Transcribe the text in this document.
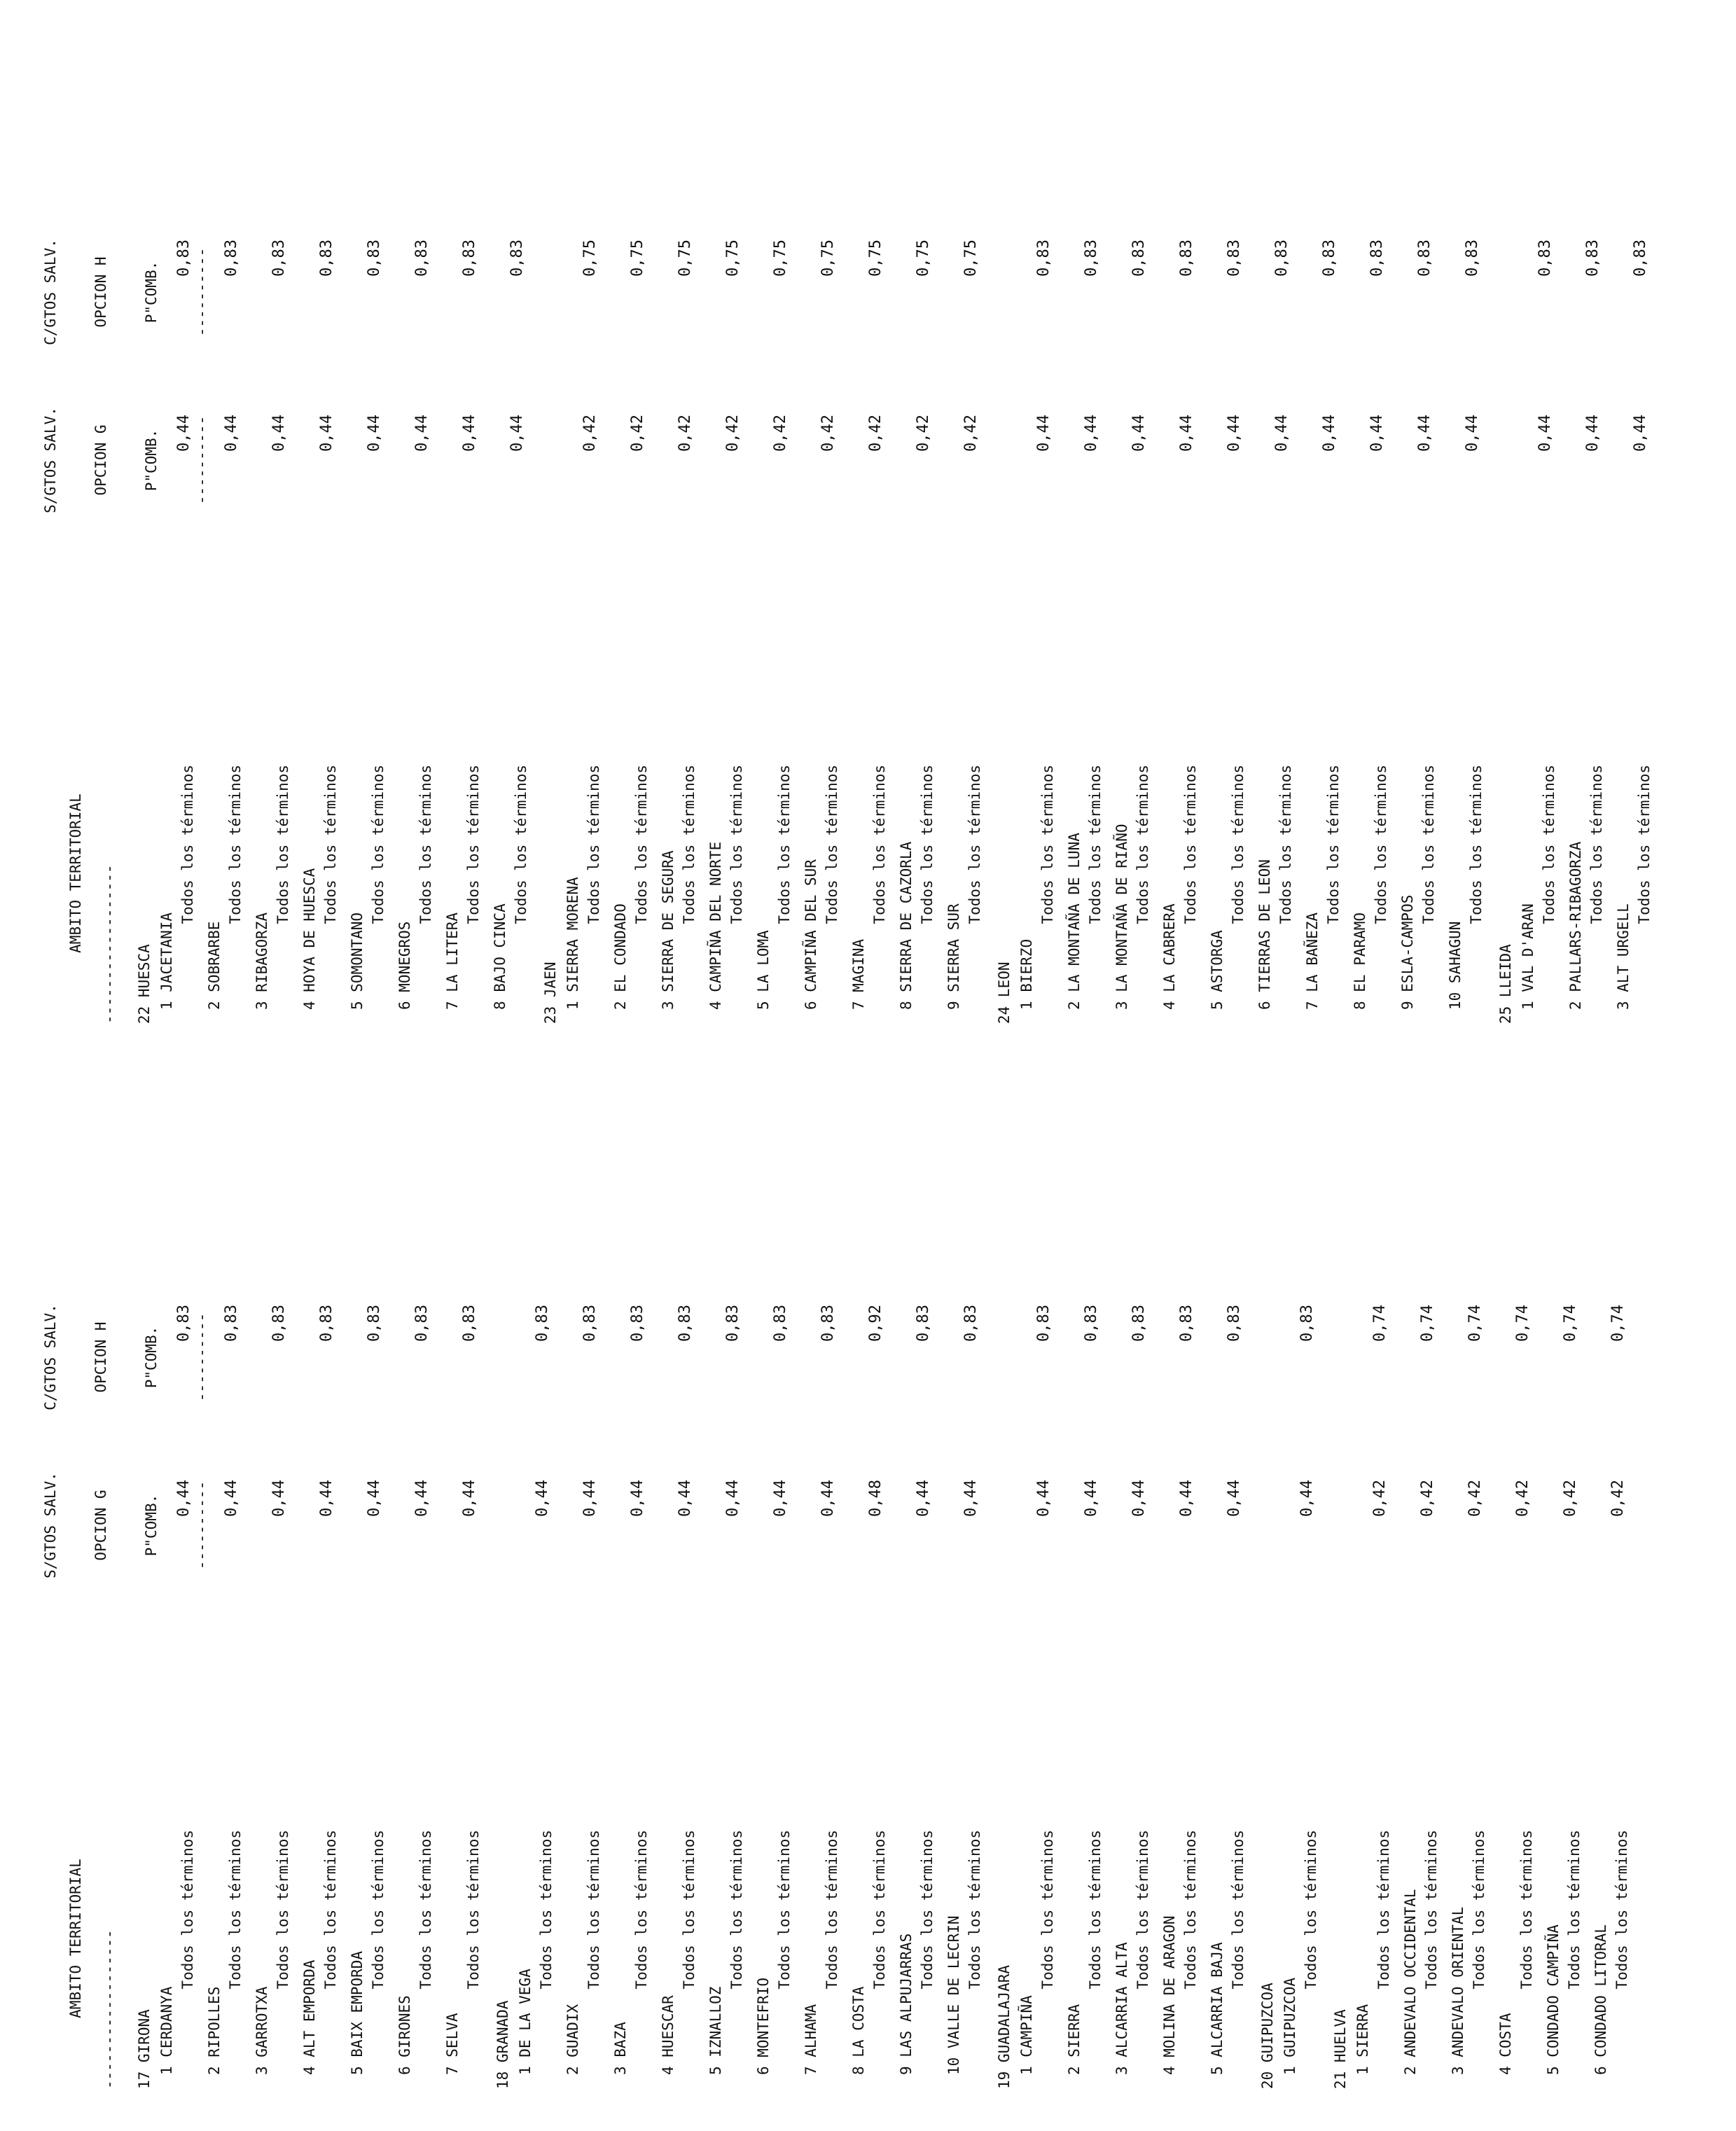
AMBITO TERRITORIAL
------------------

S/GTOS SALV.

OPCION G

P"COMB.

----------

C/GTOS SALV.

OPCION H

P"COMB.

----------

17 GIRONA 1 CERDANYA
Todos los términos
0,44
0,83
2 RIPOLLES
Todos los términos
0,44
0,83
3 GARROTXA
Todos los términos
0,44
0,83
4 ALT EMPORDA
Todos los términos
0,44
0,83
5 BAIX EMPORDA
Todos los términos
0,44
0,83
6 GIRONES
Todos los términos
0,44
0,83
7 SELVA
Todos los términos
0,44
0,83
18 GRANADA 1 DE LA VEGA
Todos los términos
0,44
0,83
2 GUADIX
Todos los términos
0,44
0,83
3 BAZA
Todos los términos
0,44
0,83
4 HUESCAR
Todos los términos
0,44
0,83
5 IZNALLOZ
Todos los términos
0,44
0,83
6 MONTEFRIO
Todos los términos
0,44
0,83
7 ALHAMA
Todos los términos
0,44
0,83
8 LA COSTA
Todos los términos
0,48
0,92
9 LAS ALPUJARRAS
Todos los términos
0,44
0,83
10 VALLE DE LECRIN
Todos los términos
0,44
0,83
19 GUADALAJARA 1 CAMPIÑA
Todos los términos
0,44
0,83
2 SIERRA
Todos los términos
0,44
0,83
3 ALCARRIA ALTA
Todos los términos
0,44
0,83
4 MOLINA DE ARAGON
Todos los términos
0,44
0,83
5 ALCARRIA BAJA
Todos los términos
0,44
0,83
20 GUIPUZCOA 1 GUIPUZCOA
Todos los términos
0,44
0,83
21 HUELVA 1 SIERRA
Todos los términos
0,42
0,74
2 ANDEVALO OCCIDENTAL Todos los términos
0,42
0,74
3 ANDEVALO ORIENTAL Todos los términos
0,42
0,74
4 COSTA
Todos los términos
0,42
0,74
5 CONDADO CAMPIÑA
Todos los términos
0,42
0,74
6 CONDADO LITORAL
Todos los términos
0,42
0,74

AMBITO TERRITORIAL
------------------

S/GTOS SALV.

OPCION G

P"COMB.

----------

C/GTOS SALV.

OPCION H

P"COMB.

----------

22 HUESCA 1 JACETANIA
Todos los términos
0,44
0,83
2 SOBRARBE
Todos los términos
0,44
0,83
3 RIBAGORZA
Todos los términos
0,44
0,83
4 HOYA DE HUESCA
Todos los términos
0,44
0,83
5 SOMONTANO
Todos los términos
0,44
0,83
6 MONEGROS
Todos los términos
0,44
0,83
7 LA LITERA
Todos los términos
0,44
0,83
8 BAJO CINCA
Todos los términos
0,44
0,83
23 JAEN 1 SIERRA MORENA
Todos los términos
0,42
0,75
2 EL CONDADO
Todos los términos
0,42
0,75
3 SIERRA DE SEGURA
Todos los términos
0,42
0,75
4 CAMPIÑA DEL NORTE Todos los términos
0,42
0,75
5 LA LOMA
Todos los términos
0,42
0,75
6 CAMPIÑA DEL SUR
Todos los términos
0,42
0,75
7 MAGINA
Todos los términos
0,42
0,75
8 SIERRA DE CAZORLA Todos los términos
0,42
0,75
9 SIERRA SUR
Todos los términos
0,42
0,75
24 LEON 1 BIERZO
Todos los términos
0,44
0,83
2 LA MONTAÑA DE LUNA Todos los términos
0,44
0,83
3 LA MONTAÑA DE RIAÑO Todos los términos
0,44
0,83
4 LA CABRERA
Todos los términos
0,44
0,83
5 ASTORGA
Todos los términos
0,44
0,83
6 TIERRAS DE LEON
Todos los términos
0,44
0,83
7 LA BAÑEZA
Todos los términos
0,44
0,83
8 EL PARAMO
Todos los términos
0,44
0,83
9 ESLA-CAMPOS
Todos los términos
0,44
0,83
10 SAHAGUN
Todos los términos
0,44
0,83
25 LLEIDA 1 VAL D'ARAN
Todos los términos
0,44
0,83
2 PALLARS-RIBAGORZA Todos los términos
0,44
0,83
3 ALT URGELL
Todos los términos
0,44
0,83
